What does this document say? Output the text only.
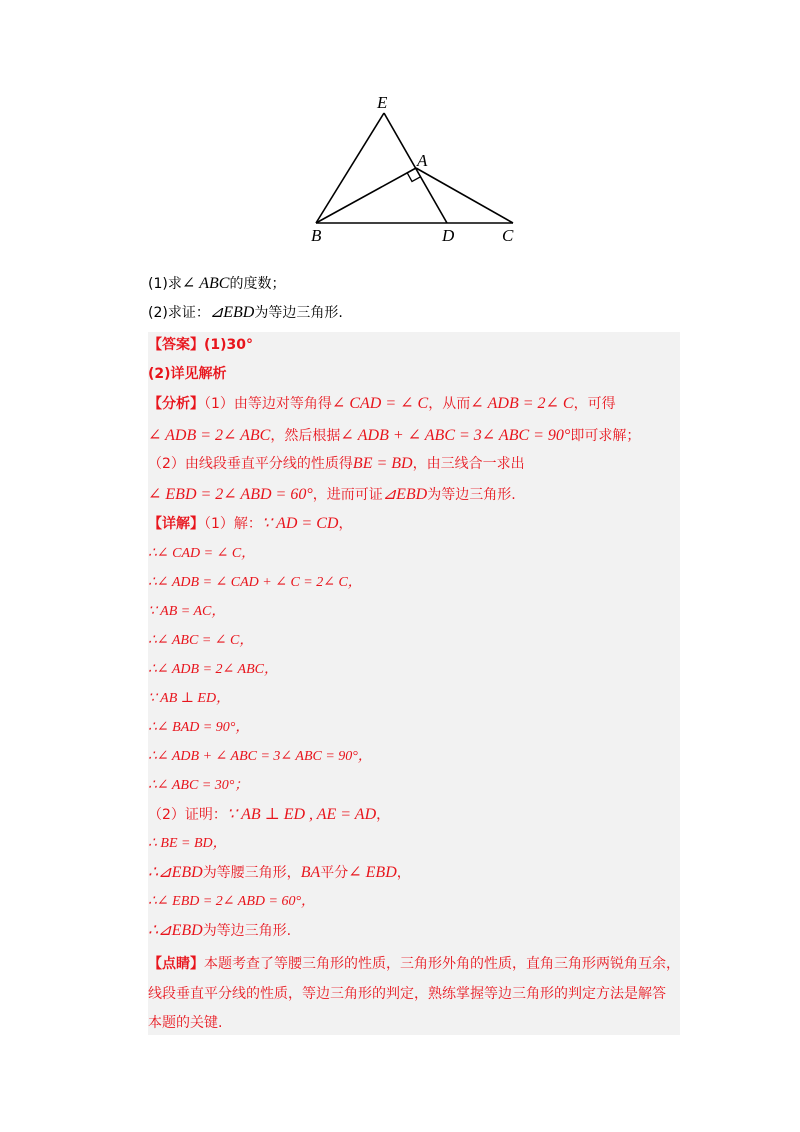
E
A
B	D	C
(1)求∠ ABC的度数；
(2)求证：⊿EBD为等边三角形.
【答案】(1)30°
(2)详见解析
【分析】（1）由等边对等角得∠ CAD = ∠ C，从而∠ ADB = 2∠ C，可得
∠ ADB = 2∠ ABC，然后根据∠ ADB + ∠ ABC = 3∠ ABC = 90°即可求解；
（2）由线段垂直平分线的性质得BE = BD，由三线合一求出
∠ EBD = 2∠ ABD = 60°，进而可证⊿EBD为等边三角形.
【详解】（1）解：∵ AD = CD，
∴∠ CAD = ∠ C，
∴∠ ADB = ∠ CAD + ∠ C = 2∠ C，
∵ AB = AC，
∴∠ ABC = ∠ C，
∴∠ ADB = 2∠ ABC，
∵ AB ⊥ ED，
∴∠ BAD = 90°，
∴∠ ADB + ∠ ABC = 3∠ ABC = 90°，
∴∠ ABC = 30°；
（2）证明：∵ AB ⊥ ED , AE = AD，
∴ BE = BD，
∴⊿EBD为等腰三角形，BA平分∠ EBD，
∴∠ EBD = 2∠ ABD = 60°，
∴⊿EBD为等边三角形.
【点睛】本题考查了等腰三角形的性质，三角形外角的性质，直角三角形两锐角互余，
线段垂直平分线的性质，等边三角形的判定，熟练掌握等边三角形的判定方法是解答
本题的关键.
